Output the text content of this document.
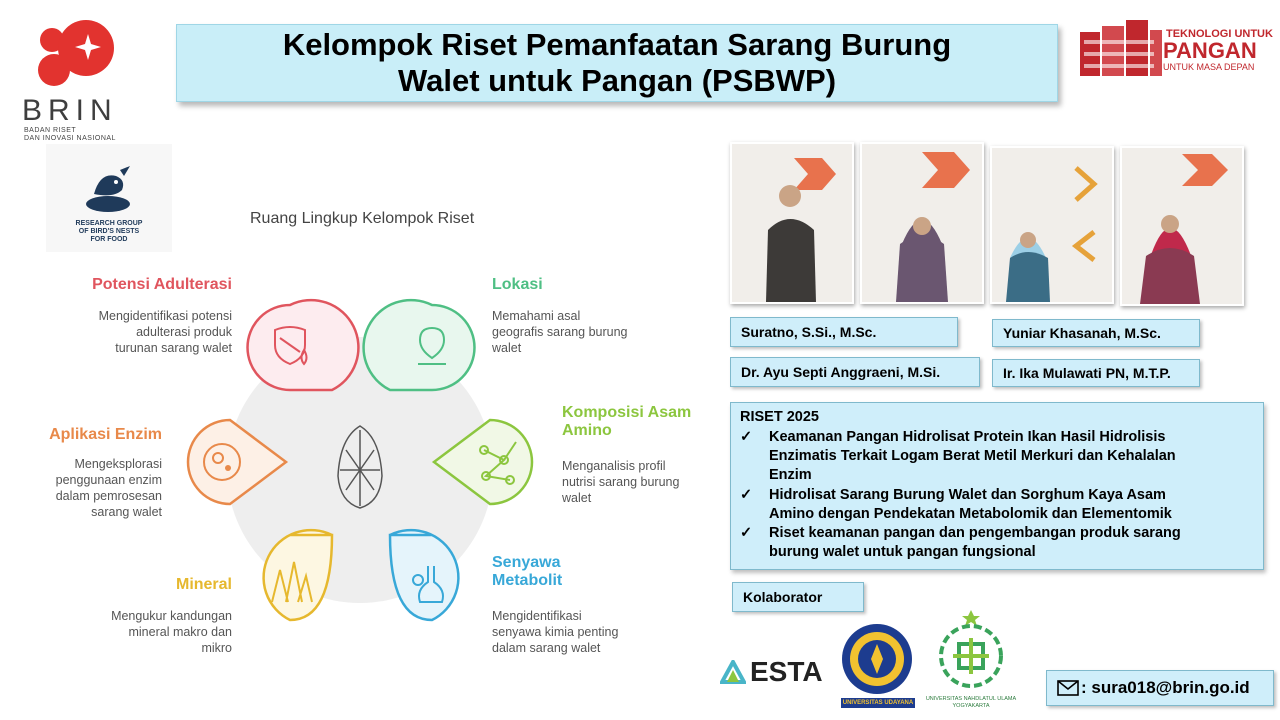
Kelompok Riset Pemanfaatan Sarang Burung
Walet untuk Pangan (PSBWP)
BRIN
BADAN RISET
DAN INOVASI NASIONAL
TEKNOLOGI UNTUK
PANGAN
UNTUK MASA DEPAN
RESEARCH GROUP
OF BIRD'S NESTS
FOR FOOD
Ruang Lingkup Kelompok Riset
Potensi Adulterasi
Mengidentifikasi potensi
adulterasi produk
turunan sarang walet
Lokasi
Memahami asal
geografis sarang burung
walet
Aplikasi Enzim
Mengeksplorasi
penggunaan enzim
dalam pemrosesan
sarang walet
Komposisi Asam
Amino
Menganalisis profil
nutrisi sarang burung
walet
Mineral
Mengukur kandungan
mineral makro dan
mikro
Senyawa
Metabolit
Mengidentifikasi
senyawa kimia penting
dalam sarang walet
Suratno, S.Si., M.Sc.	Yuniar Khasanah, M.Sc.
Dr. Ayu Septi Anggraeni, M.Si.	Ir. Ika Mulawati PN, M.T.P.
RISET 2025
✓	Keamanan Pangan Hidrolisat Protein Ikan Hasil Hidrolisis
Enzimatis Terkait Logam Berat Metil Merkuri dan Kehalalan
Enzim
✓	Hidrolisat Sarang Burung Walet dan Sorghum Kaya Asam
Amino dengan Pendekatan Metabolomik dan Elementomik
✓	Riset keamanan pangan dan pengembangan produk sarang
burung walet untuk pangan fungsional
Kolaborator
ESTA
UNIVERSITAS UDAYANA
UNIVERSITAS NAHDLATUL ULAMA
YOGYAKARTA
: sura018@brin.go.id
